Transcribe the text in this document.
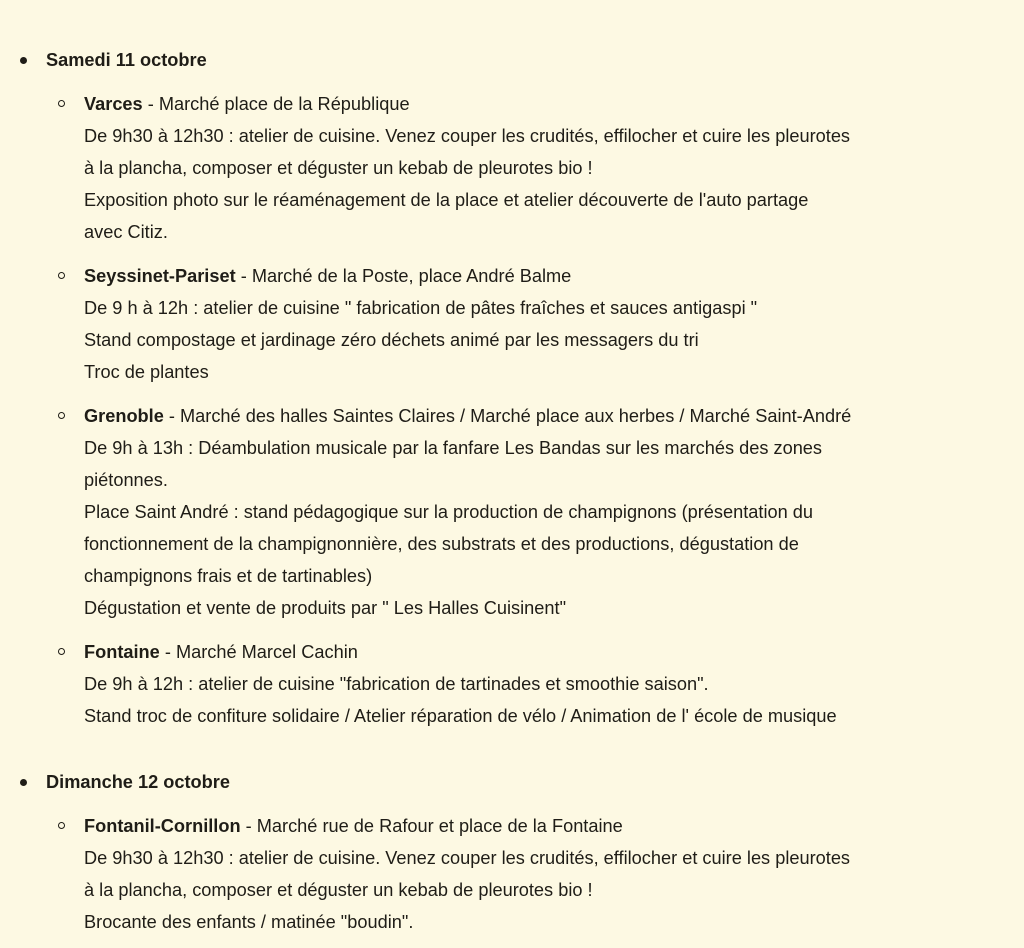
Samedi 11 octobre
Varces - Marché place de la République
De 9h30 à 12h30 : atelier de cuisine. Venez couper les crudités, effilocher et cuire les pleurotes
à la plancha, composer et déguster un kebab de pleurotes bio !
Exposition photo sur le réaménagement de la place et atelier découverte de l'auto partage
avec Citiz.
Seyssinet-Pariset - Marché de la Poste, place André Balme
De 9 h à 12h : atelier de cuisine " fabrication de pâtes fraîches et sauces antigaspi "
Stand compostage et jardinage zéro déchets animé par les messagers du tri
Troc de plantes
Grenoble - Marché des halles Saintes Claires / Marché place aux herbes / Marché Saint-André
De 9h à 13h : Déambulation musicale par la fanfare Les Bandas sur les marchés des zones
piétonnes.
Place Saint André : stand pédagogique sur la production de champignons (présentation du
fonctionnement de la champignonnière, des substrats et des productions, dégustation de
champignons frais et de tartinables)
Dégustation et vente de produits par " Les Halles Cuisinent"
Fontaine - Marché Marcel Cachin
De 9h à 12h : atelier de cuisine "fabrication de tartinades et smoothie saison".
Stand troc de confiture solidaire / Atelier réparation de vélo / Animation de l' école de musique
Dimanche 12 octobre
Fontanil-Cornillon - Marché rue de Rafour et place de la Fontaine
De 9h30 à 12h30 : atelier de cuisine. Venez couper les crudités, effilocher et cuire les pleurotes
à la plancha, composer et déguster un kebab de pleurotes bio !
Brocante des enfants / matinée "boudin".
